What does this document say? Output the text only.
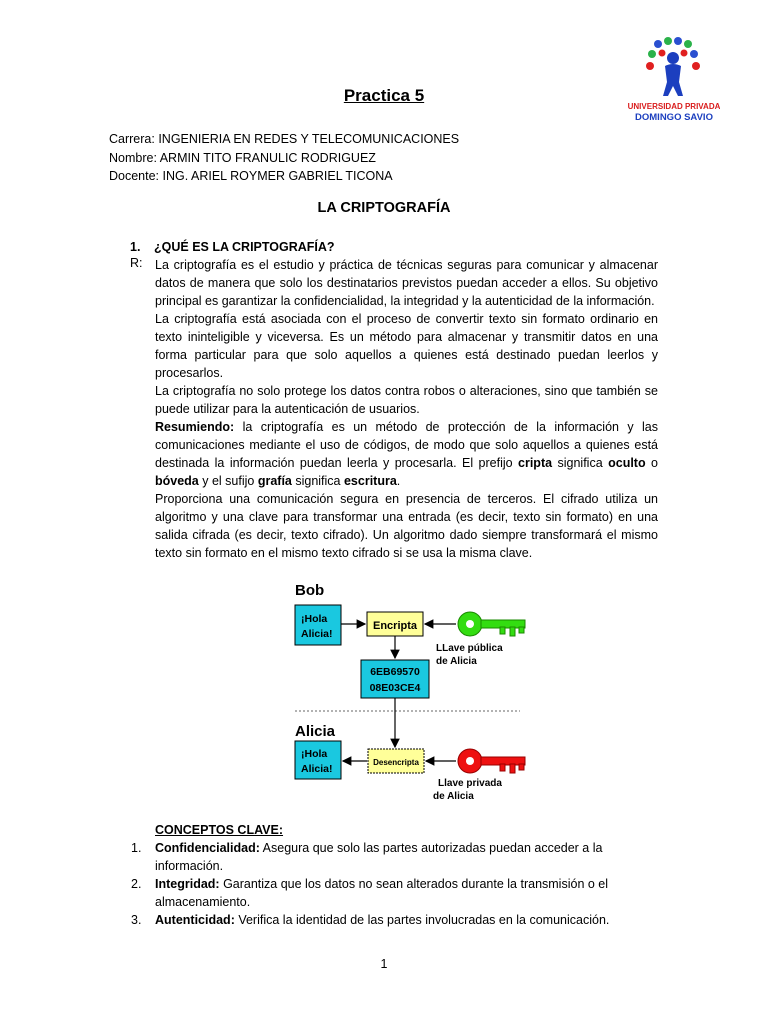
UNIVERSIDAD PRIVADA
DOMINGO SAVIO
Practica 5
Carrera: INGENIERIA EN REDES Y TELECOMUNICACIONES
Nombre: ARMIN TITO FRANULIC RODRIGUEZ
Docente: ING. ARIEL ROYMER GABRIEL TICONA
LA CRIPTOGRAFÍA
1. ¿QUÉ ES LA CRIPTOGRAFÍA?
R: La criptografía es el estudio y práctica de técnicas seguras para comunicar y almacenar datos de manera que solo los destinatarios previstos puedan acceder a ellos. Su objetivo principal es garantizar la confidencialidad, la integridad y la autenticidad de la información.

La criptografía está asociada con el proceso de convertir texto sin formato ordinario en texto ininteligible y viceversa. Es un método para almacenar y transmitir datos en una forma particular para que solo aquellos a quienes está destinado puedan leerlos y procesarlos.

La criptografía no solo protege los datos contra robos o alteraciones, sino que también se puede utilizar para la autenticación de usuarios.

Resumiendo: la criptografía es un método de protección de la información y las comunicaciones mediante el uso de códigos, de modo que solo aquellos a quienes está destinada la información puedan leerla y procesarla. El prefijo cripta significa oculto o bóveda y el sufijo grafía significa escritura.

Proporciona una comunicación segura en presencia de terceros. El cifrado utiliza un algoritmo y una clave para transformar una entrada (es decir, texto sin formato) en una salida cifrada (es decir, texto cifrado). Un algoritmo dado siempre transformará el mismo texto sin formato en el mismo texto cifrado si se usa la misma clave.

Bob
¡Hola
Alicia!
Encripta
LLave pública
de Alicia
6EB69570
08E03CE4
Alicia
¡Hola
Alicia!
Desencripta
Llave privada
de Alicia
CONCEPTOS CLAVE:
1. Confidencialidad: Asegura que solo las partes autorizadas puedan acceder a la información.
2. Integridad: Garantiza que los datos no sean alterados durante la transmisión o el almacenamiento.
3. Autenticidad: Verifica la identidad de las partes involucradas en la comunicación.
1
